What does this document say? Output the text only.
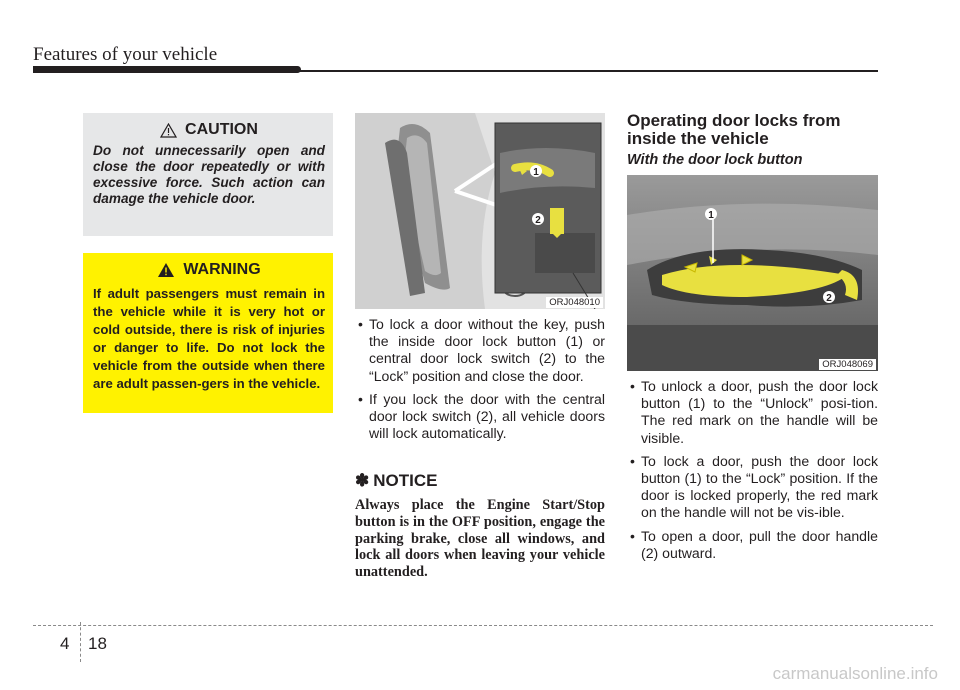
Features of your vehicle
CAUTION
Do not unnecessarily open and close the door repeatedly or with excessive force. Such action can damage the vehicle door.
WARNING
If adult passengers must remain in the vehicle while it is very hot or cold outside, there is risk of injuries or danger to life. Do not lock the vehicle from the outside when there are adult passen-gers in the vehicle.
1
2
ORJ048010
• To lock a door without the key, push the inside door lock button (1) or central door lock switch (2) to the “Lock” position and close the door.
• If you lock the door with the central door lock switch (2), all vehicle doors will lock automatically.
✽ NOTICE
Always place the Engine Start/Stop button is in the OFF position, engage the parking brake, close all windows, and lock all doors when leaving your vehicle unattended.
Operating door locks from inside the vehicle
With the door lock button
1
2
ORJ048069
• To unlock a door, push the door lock button (1) to the “Unlock” posi-tion. The red mark on the handle will be visible.
• To lock a door, push the door lock button (1) to the “Lock” position. If the door is locked properly, the red mark on the handle will not be vis-ible.
• To open a door, pull the door handle (2) outward.
4 18
carmanualsonline.info
